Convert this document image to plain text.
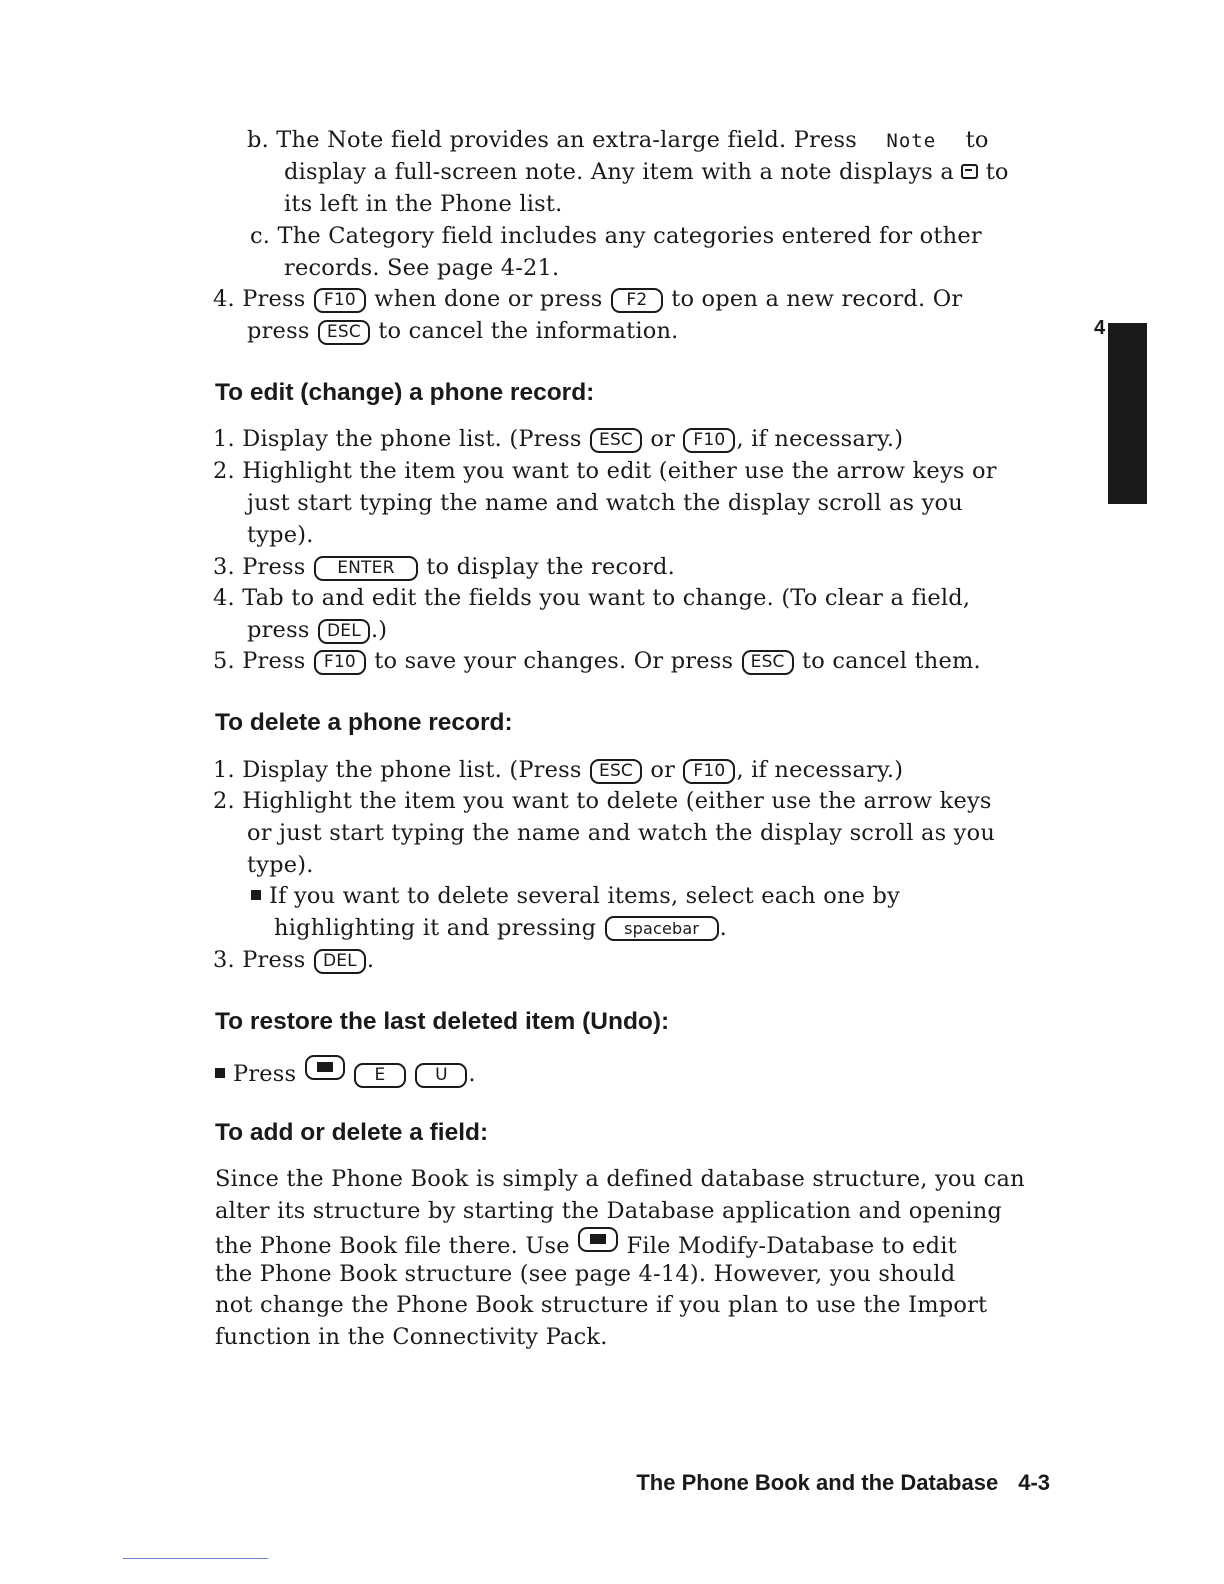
b. The Note field provides an extra-large field. Press Note to
display a full-screen note. Any item with a note displays a to
its left in the Phone list.
c. The Category field includes any categories entered for other
records. See page 4-21.
4. Press F10 when done or press F2 to open a new record. Or
press ESC to cancel the information.	4
To edit (change) a phone record:
1. Display the phone list. (Press ESC or F10 , if necessary.)
2. Highlight the item you want to edit (either use the arrow keys or
just start typing the name and watch the display scroll as you
type).
3. Press ENTER to display the record.
4. Tab to and edit the fields you want to change. (To clear a field,
press DEL .)
5. Press F10 to save your changes. Or press ESC to cancel them.
To delete a phone record:
1. Display the phone list. (Press ESC or F10 , if necessary.)
2. Highlight the item you want to delete (either use the arrow keys
or just start typing the name and watch the display scroll as you
type).
If you want to delete several items, select each one by
highlighting it and pressing spacebar .
3. Press DEL .
To restore the last deleted item (Undo):
Press	E	U .
To add or delete a field:
Since the Phone Book is simply a defined database structure, you can
alter its structure by starting the Database application and opening
the Phone Book file there. Use	File Modify-Database to edit
the Phone Book structure (see page 4-14). However, you should
not change the Phone Book structure if you plan to use the Import
function in the Connectivity Pack.
The Phone Book and the Database 4-3
